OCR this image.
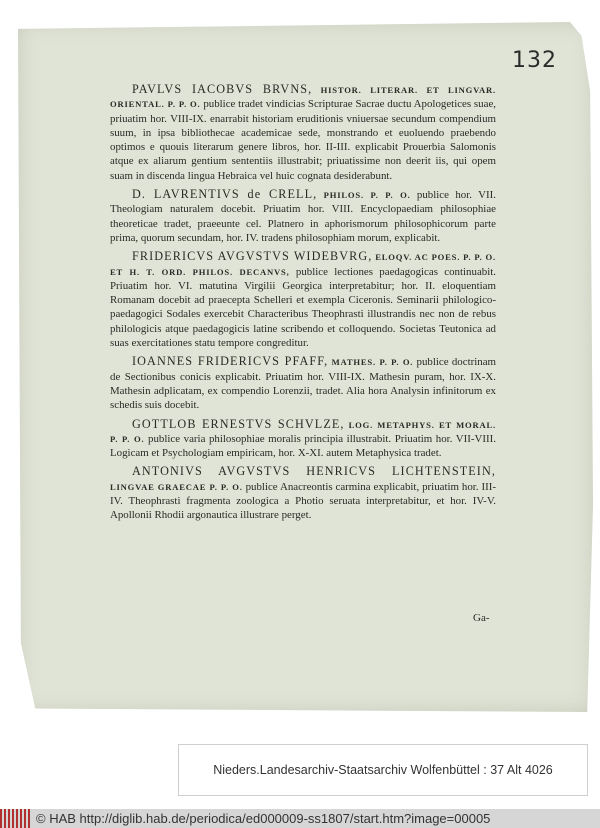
132

PAVLVS IACOBVS BRVNS, HISTOR. LITERAR. ET LINGVAR. ORIENTAL. P. P. O. publice tradet vindicias Scripturae Sacrae ductu Apologetices suae, priuatim hor. VIII-IX. enarrabit historiam eruditionis vniuersae secundum compendium suum, in ipsa bibliothecae academicae sede, monstrando et euoluendo praebendo optimos e quouis literarum genere libros, hor. II-III. explicabit Prouerbia Salomonis atque ex aliarum gentium sententiis illustrabit; priuatissime non deerit iis, qui opem suam in discenda lingua Hebraica vel huic cognata desiderabunt.

D. LAVRENTIVS de CRELL, PHILOS. P. P. O. publice hor. VII. Theologiam naturalem docebit. Priuatim hor. VIII. Encyclopaediam philosophiae theoreticae tradet, praeeunte cel. Platnero in aphorismorum philosophicorum parte prima, quorum secundam, hor. IV. tradens philosophiam morum, explicabit.

FRIDERICVS AVGVSTVS WIDEBVRG, ELOQV. AC POES. P. P. O. ET H. T. ORD. PHILOS. DECANVS, publice lectiones paedagogicas continuabit. Priuatim hor. VI. matutina Virgilii Georgica interpretabitur; hor. II. eloquentiam Romanam docebit ad praecepta Schelleri et exempla Ciceronis. Seminarii philologico-paedagogici Sodales exercebit Characteribus Theophrasti illustrandis nec non de rebus philologicis atque paedagogicis latine scribendo et colloquendo. Societas Teutonica ad suas exercitationes statu tempore congreditur.

IOANNES FRIDERICVS PFAFF, MATHES. P. P. O. publice doctrinam de Sectionibus conicis explicabit. Priuatim hor. VIII-IX. Mathesin puram, hor. IX-X. Mathesin adplicatam, ex compendio Lorenzii, tradet. Alia hora Analysin infinitorum ex schedis suis docebit.

GOTTLOB ERNESTVS SCHVLZE, LOG. METAPHYS. ET MORAL. P. P. O. publice varia philosophiae moralis principia illustrabit. Priuatim hor. VII-VIII. Logicam et Psychologiam empiricam, hor. X-XI. autem Metaphysica tradet.

ANTONIVS AVGVSTVS HENRICVS LICHTENSTEIN, LINGVAE GRAECAE P. P. O. publice Anacreontis carmina explicabit, priuatim hor. III-IV. Theophrasti fragmenta zoologica a Photio seruata interpretabitur, et hor. IV-V. Apollonii Rhodii argonautica illustrare perget.

Ga-
Nieders.Landesarchiv-Staatsarchiv Wolfenbüttel : 37 Alt 4026
© HAB http://diglib.hab.de/periodica/ed000009-ss1807/start.htm?image=00005
